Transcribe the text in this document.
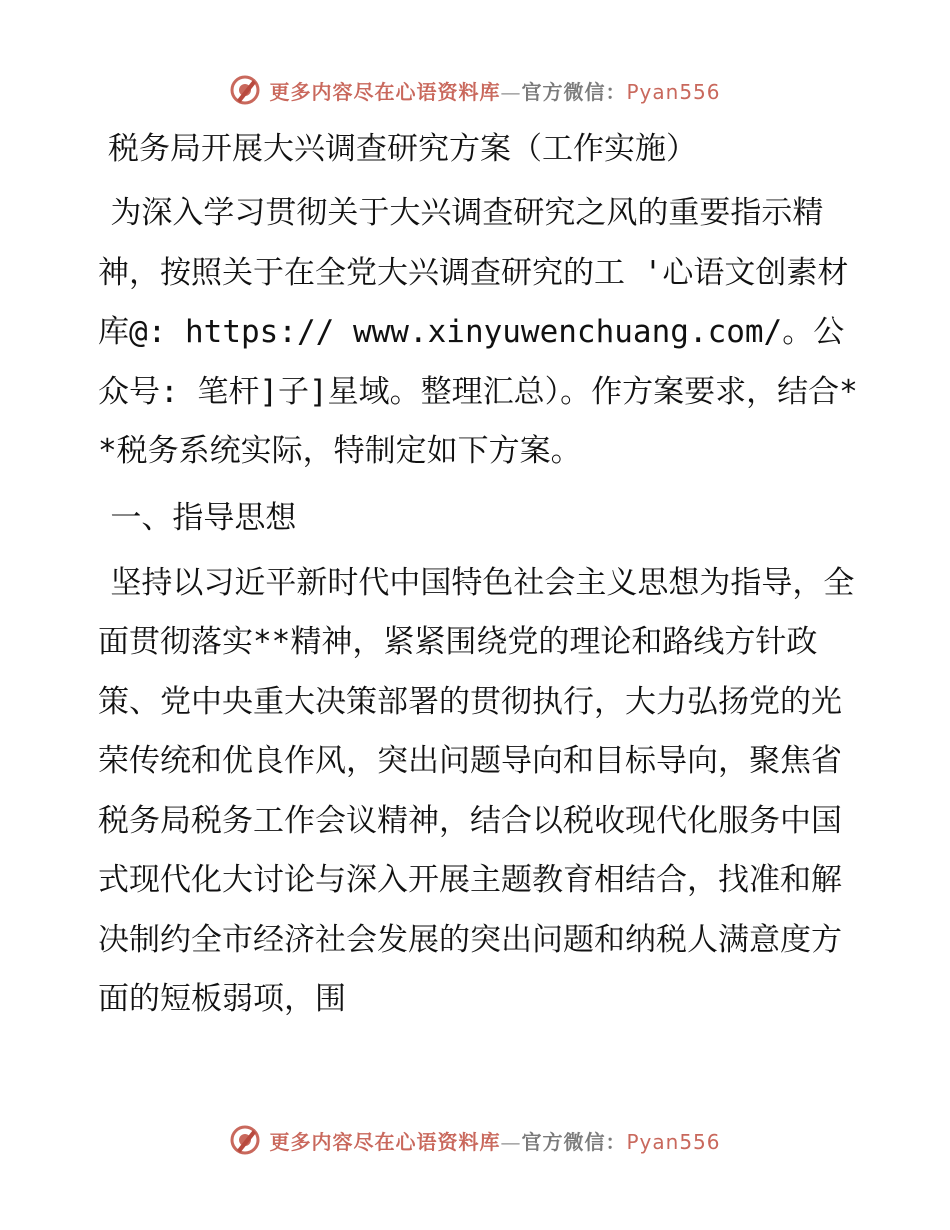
更多内容尽在心语资料库—官方微信：Pyan556
税务局开展大兴调查研究方案（工作实施）

为深入学习贯彻关于大兴调查研究之风的重要指示精神，按照关于在全党大兴调查研究的工 '心语文创素材库@: https:// www.xinyuwenchuang.com/。公众号: 笔杆]子]星域。整理汇总）。作方案要求，结合**税务系统实际，特制定如下方案。

一、指导思想

坚持以习近平新时代中国特色社会主义思想为指导，全面贯彻落实**精神，紧紧围绕党的理论和路线方针政策、党中央重大决策部署的贯彻执行，大力弘扬党的光荣传统和优良作风，突出问题导向和目标导向，聚焦省税务局税务工作会议精神，结合以税收现代化服务中国式现代化大讨论与深入开展主题教育相结合，找准和解决制约全市经济社会发展的突出问题和纳税人满意度方面的短板弱项，围

更多内容尽在心语资料库—官方微信：Pyan556
